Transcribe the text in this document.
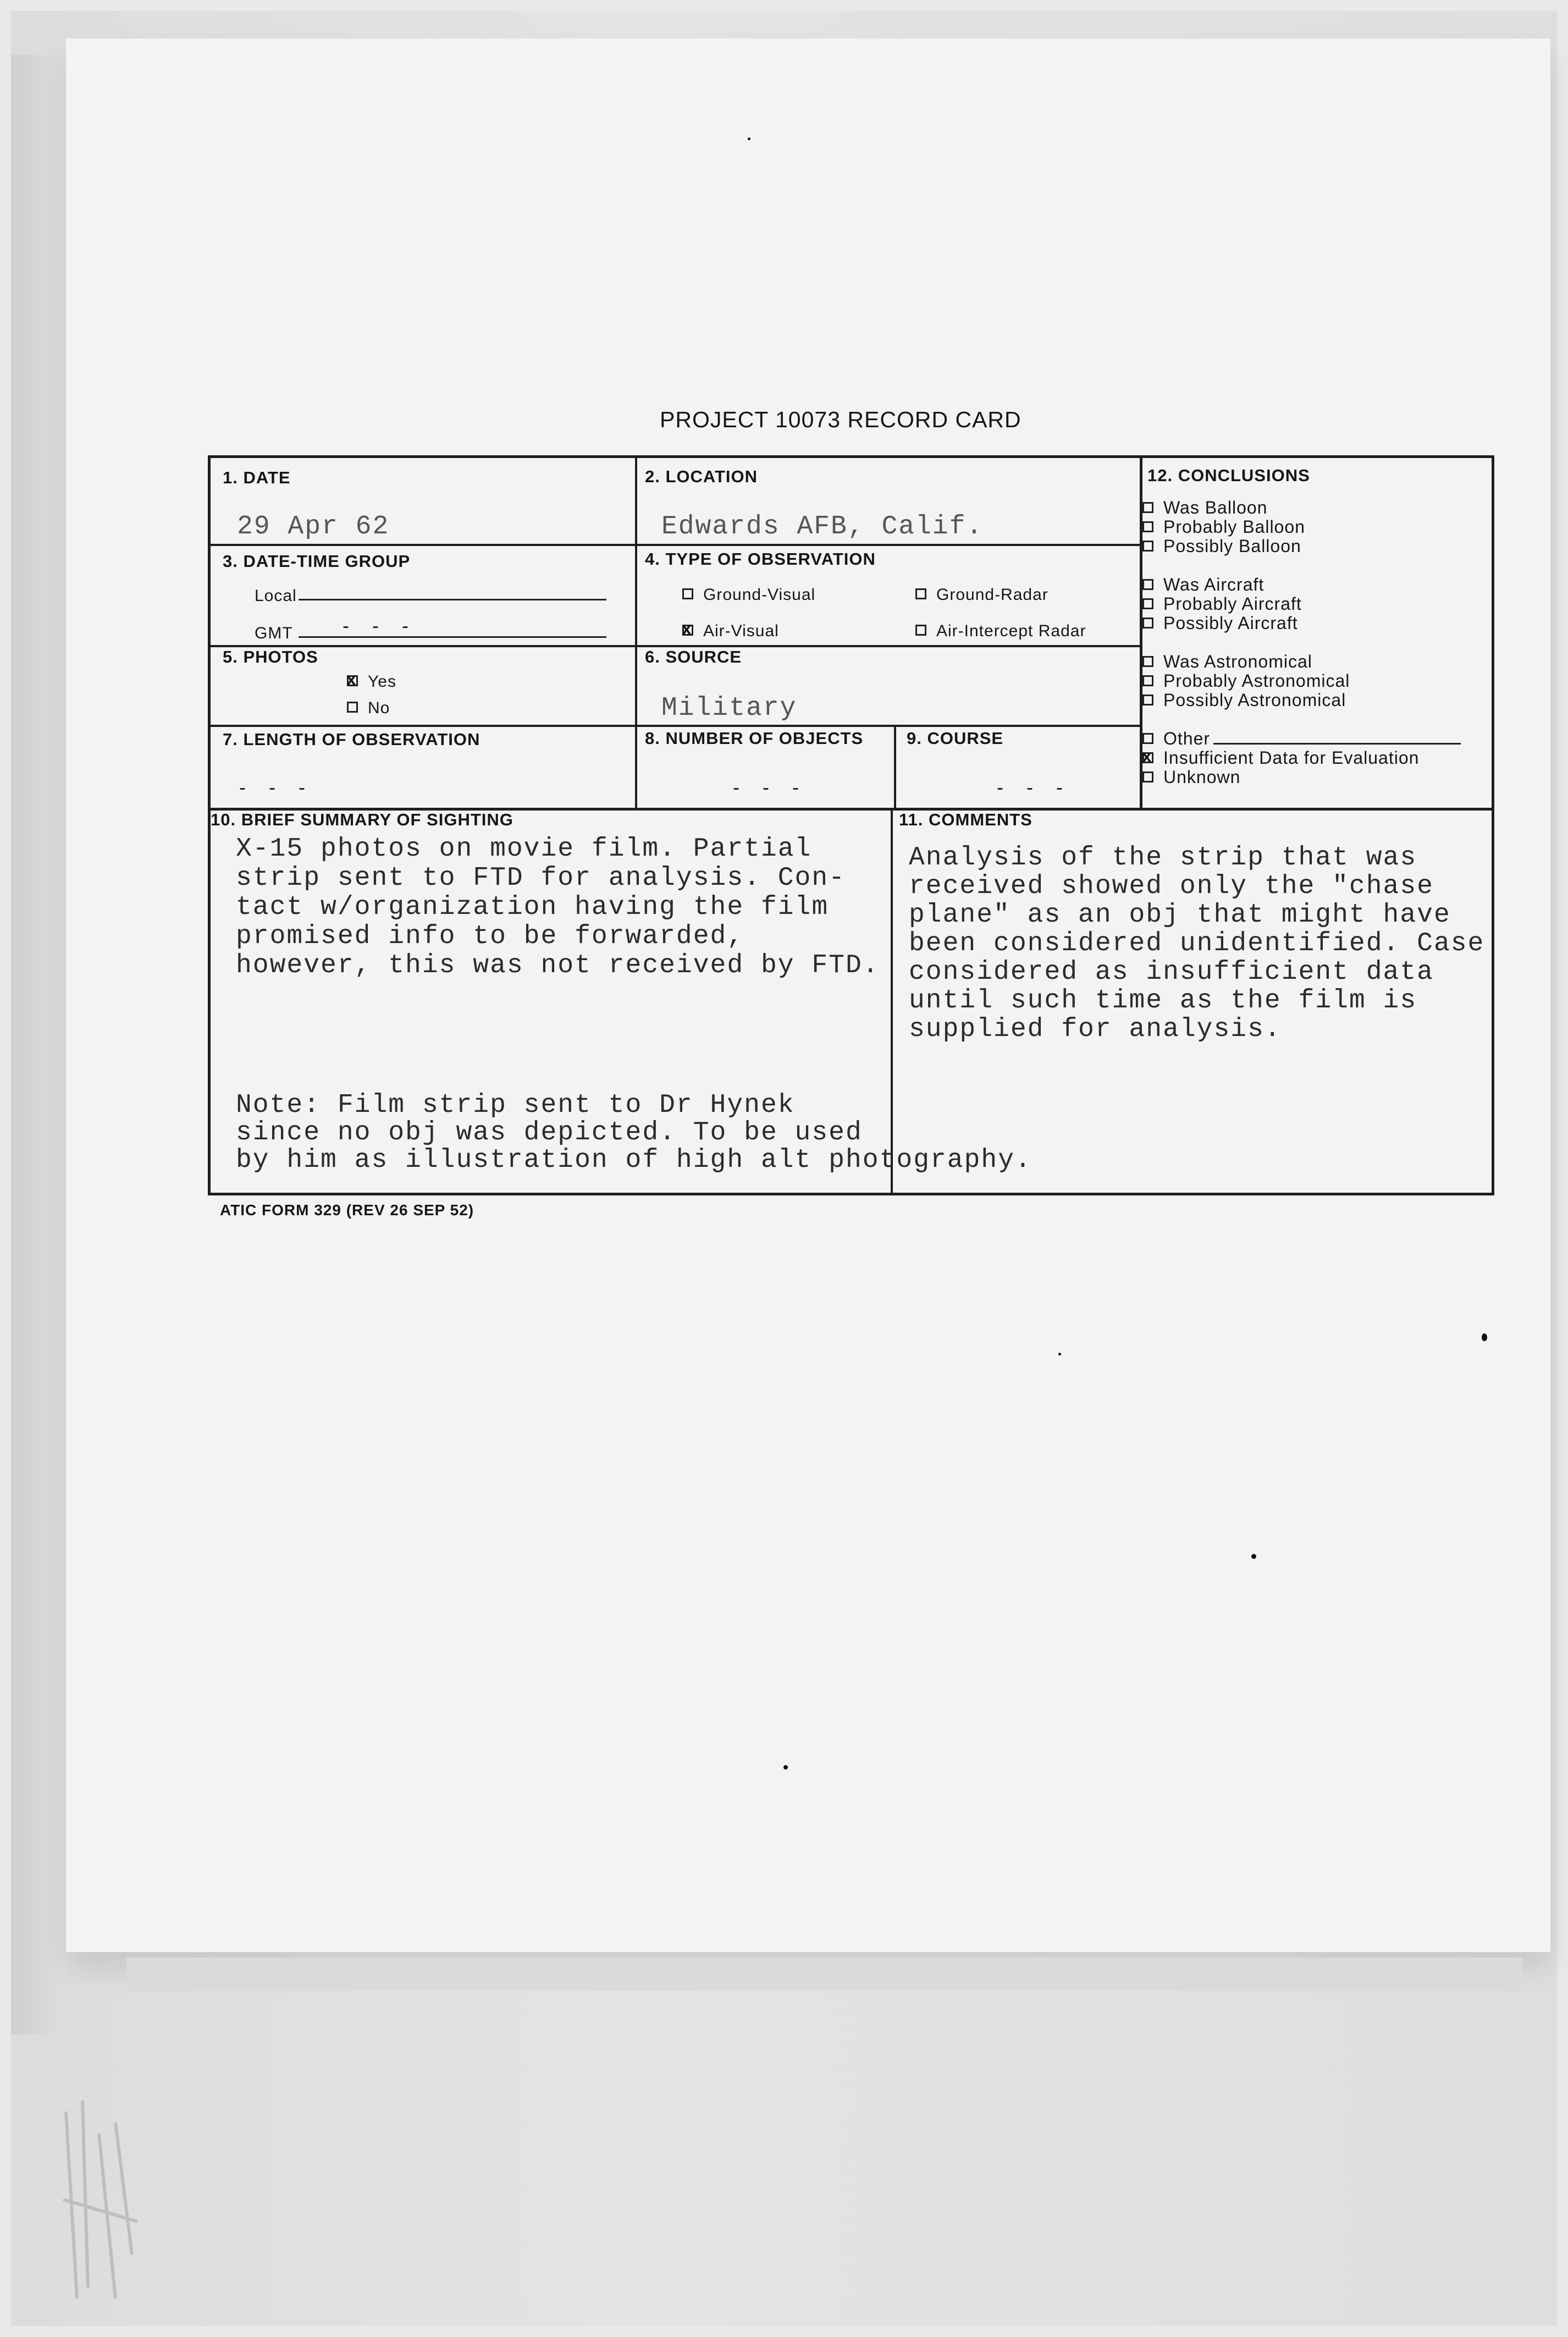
PROJECT 10073 RECORD CARD
1. DATE
29 Apr 62
2. LOCATION
Edwards AFB, Calif.
3. DATE-TIME GROUP
Local
GMT	- - -
4. TYPE OF OBSERVATION
Ground-Visual	Ground-Radar
xAir-Visual	Air-Intercept Radar
5. PHOTOS
xYes
No
6. SOURCE
Military
7. LENGTH OF OBSERVATION
- - -
8. NUMBER OF OBJECTS
- - -
9. COURSE
- - -
10. BRIEF SUMMARY OF SIGHTING
X-15 photos on movie film. Partial
strip sent to FTD for analysis. Con-
tact w/organization having the film
promised info to be forwarded,
however, this was not received by FTD.
Note: Film strip sent to Dr Hynek
since no obj was depicted. To be used
by him as illustration of high alt photography.
11. COMMENTS
Analysis of the strip that was
received showed only the "chase
plane" as an obj that might have
been considered unidentified. Case
considered as insufficient data
until such time as the film is
supplied for analysis.
12. CONCLUSIONS
Was Balloon
Probably Balloon
Possibly Balloon
Was Aircraft
Probably Aircraft
Possibly Aircraft
Was Astronomical
Probably Astronomical
Possibly Astronomical
Other
xInsufficient Data for Evaluation
Unknown
ATIC FORM 329 (REV 26 SEP 52)
